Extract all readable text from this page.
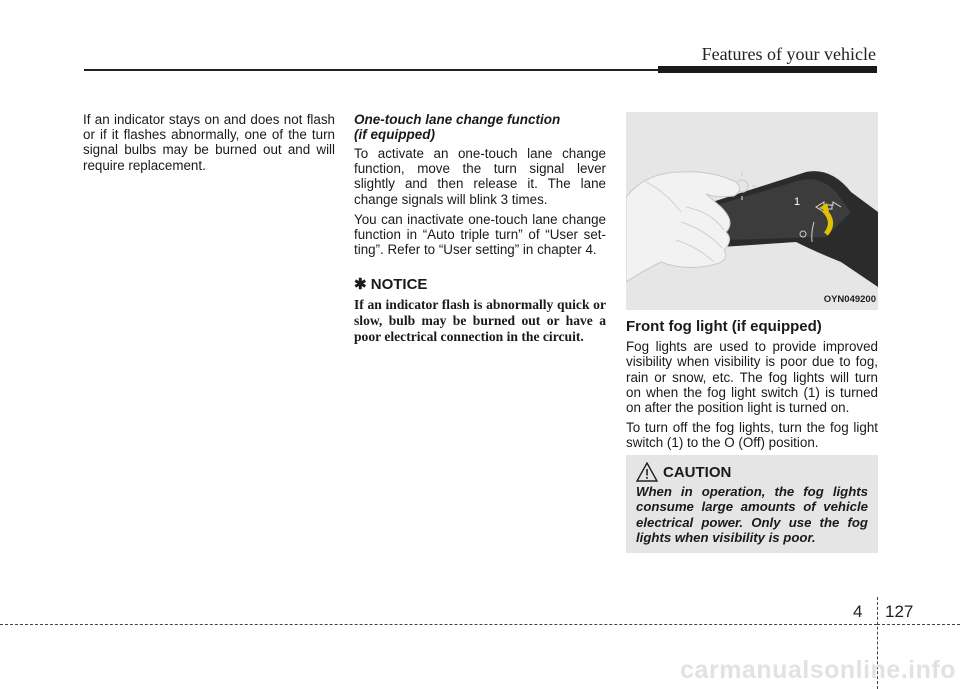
Features of your vehicle

If an indicator stays on and does not flash or if it flashes abnormally, one of the turn signal bulbs may be burned out and will require replacement.

One-touch lane change function
(if equipped)

To activate an one-touch lane change function, move the turn signal lever slightly and then release it. The lane change signals will blink 3 times.

You can inactivate one-touch lane change function in “Auto triple turn” of “User set- ting”. Refer to “User setting” in chapter 4.

✱ NOTICE

If an indicator flash is abnormally quick or slow, bulb may be burned out or have a poor electrical connection in the circuit.

1
OYN049200
Front fog light (if equipped)

Fog lights are used to provide improved visibility when visibility is poor due to fog, rain or snow, etc. The fog lights will turn on when the fog light switch (1) is turned on after the position light is turned on.

To turn off the fog lights, turn the fog light switch (1) to the O (Off) position.

CAUTION
When in operation, the fog lights consume large amounts of vehicle electrical power. Only use the fog lights when visibility is poor.
4 127
carmanualsonline.info
